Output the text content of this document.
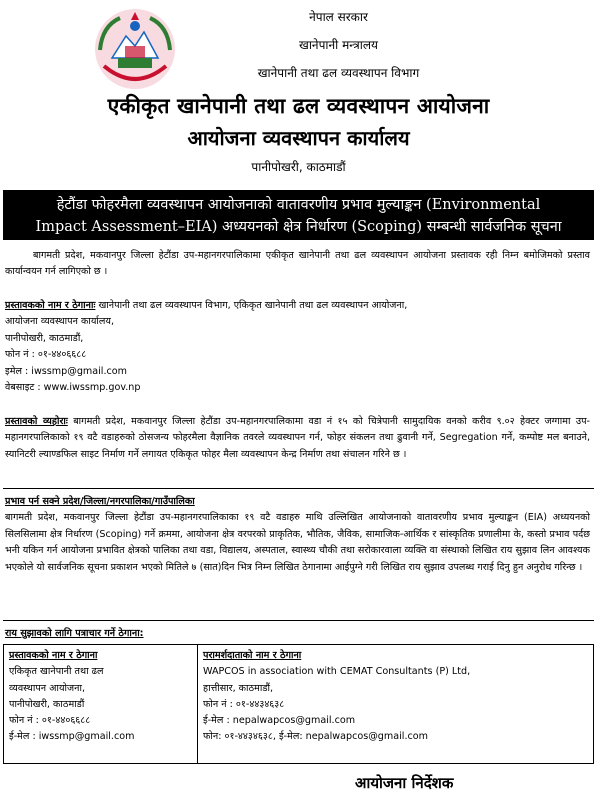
नेपाल सरकार
खानेपानी मन्त्रालय
खानेपानी तथा ढल व्यवस्थापन विभाग
एकीकृत खानेपानी तथा ढल व्यवस्थापन आयोजना
आयोजना व्यवस्थापन कार्यालय
पानीपोखरी, काठमाडौं
हेटौंडा फोहरमैला व्यवस्थापन आयोजनाको वातावरणीय प्रभाव मुल्याङ्कन (Environmental
Impact Assessment–EIA) अध्ययनको क्षेत्र निर्धारण (Scoping) सम्बन्धी सार्वजनिक सूचना

बागमती प्रदेश, मकवानपुर जिल्ला हेटौंडा उप-महानगरपालिकामा एकीकृत खानेपानी तथा ढल व्यवस्थापन आयोजना प्रस्तावक रही निम्न बमोजिमको प्रस्ताव कार्यान्वयन गर्न लागिएको छ ।

प्रस्तावकको नाम र ठेगानाः खानेपानी तथा ढल व्यवस्थापन विभाग, एकिकृत खानेपानी तथा ढल व्यवस्थापन आयोजना,

आयोजना व्यवस्थापन कार्यालय,

पानीपोखरी, काठमाडौं,

फोन नं : ०१-४४०६६८८

इमेल : iwssmp@gmail.com

वेबसाइट : www.iwssmp.gov.np

प्रस्तावको व्यहोराः बागमती प्रदेश, मकवानपुर जिल्ला हेटौंडा उप-महानगरपालिकामा वडा नं १५ को चित्रेपानी सामुदायिक वनको करीव ९.०२ हेक्टर जग्गामा उप-महानगरपालिकाको १९ वटै वडाहरुको ठोसजन्य फोहरमैला वैज्ञानिक तवरले व्यवस्थापन गर्न, फोहर संकलन तथा ढुवानी गर्ने, Segregation गर्ने, कम्पोष्ट मल बनाउने, स्यानिटरी ल्याण्डफिल साइट निर्माण गर्ने लगायत एकिकृत फोहर मैला व्यवस्थापन केन्द्र निर्माण तथा संचालन गरिने छ ।

प्रभाव पर्न सक्ने प्रदेश/जिल्ला/नगरपालिका/गाउँपालिका

बागमती प्रदेश, मकवानपुर जिल्ला हेटौंडा उप-महानगरपालिकाका १९ वटै वडाहरु माथि उल्लिखित आयोजनाको वातावरणीय प्रभाव मुल्याङ्कन (EIA) अध्ययनको सिलसिलामा क्षेत्र निर्धारण (Scoping) गर्ने क्रममा, आयोजना क्षेत्र वरपरको प्राकृतिक, भौतिक, जैविक, सामाजिक-आर्थिक र सांस्कृतिक प्रणालीमा के, कस्तो प्रभाव पर्दछ भनी यकिन गर्न आयोजना प्रभावित क्षेत्रको पालिका तथा वडा, विद्यालय, अस्पताल, स्वास्थ्य चौकी तथा सरोकारवाला व्यक्ति वा संस्थाको लिखित राय सुझाव लिन आवश्यक भएकोले यो सार्वजनिक सूचना प्रकाशन भएको मितिले ७ (सात)दिन भित्र निम्न लिखित ठेगानामा आईपुग्ने गरी लिखित राय सुझाव उपलब्ध गराई दिनु हुन अनुरोध गरिन्छ ।

राय सुझावको लागि पत्राचार गर्ने ठेगाना:

प्रस्तावकको नाम र ठेगाना
एकिकृत खानेपानी तथा ढल
व्यवस्थापन आयोजना,
पानीपोखरी, काठमाडौं
फोन नं : ०१-४४०६६८८
ई-मेल : iwssmp@gmail.com
परामर्शदाताको नाम र ठेगाना
WAPCOS in association with CEMAT Consultants (P) Ltd,
हात्तीसार, काठमाडौं,
फोन नं : ०१-४४३४६३८
ई-मेल : nepalwapcos@gmail.com
फोन: ०१-४४३४६३८, ई-मेल: nepalwapcos@gmail.com
आयोजना निर्देशक
